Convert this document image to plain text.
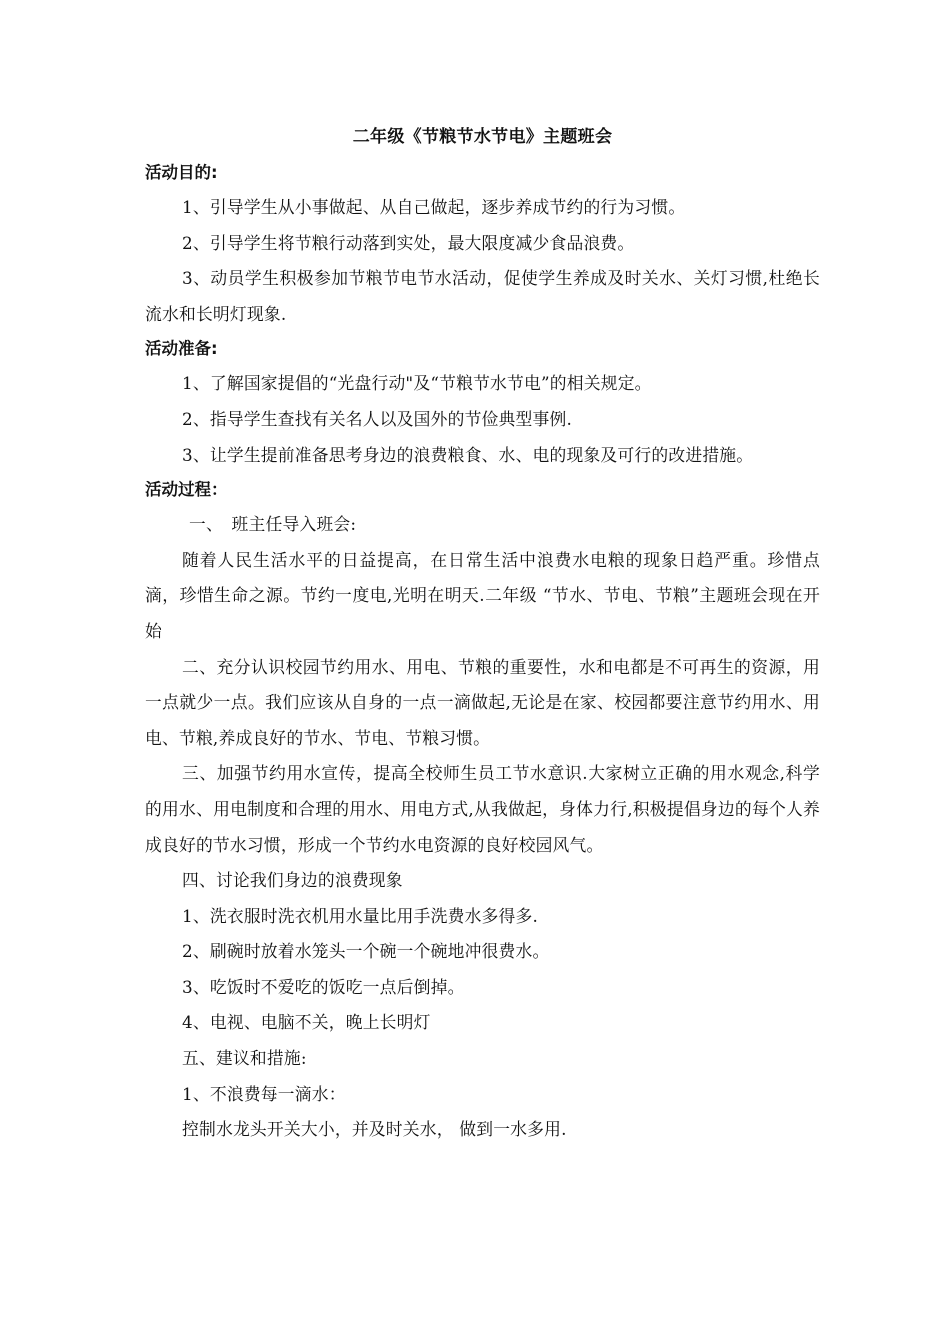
二年级《节粮节水节电》主题班会
活动目的:

1、引导学生从小事做起、从自己做起，逐步养成节约的行为习惯。

2、引导学生将节粮行动落到实处，最大限度减少食品浪费。

3、动员学生积极参加节粮节电节水活动，促使学生养成及时关水、关灯习惯,杜绝长流水和长明灯现象.

活动准备:

1、了解国家提倡的“光盘行动"及“节粮节水节电”的相关规定。

2、指导学生查找有关名人以及国外的节俭典型事例.

3、让学生提前准备思考身边的浪费粮食、水、电的现象及可行的改进措施。

活动过程：

一、　班主任导入班会:

随着人民生活水平的日益提高，在日常生活中浪费水电粮的现象日趋严重。珍惜点滴，珍惜生命之源。节约一度电,光明在明天.二年级 “节水、节电、节粮”主题班会现在开始

二、充分认识校园节约用水、用电、节粮的重要性，水和电都是不可再生的资源，用一点就少一点。我们应该从自身的一点一滴做起,无论是在家、校园都要注意节约用水、用电、节粮,养成良好的节水、节电、节粮习惯。

三、加强节约用水宣传，提高全校师生员工节水意识.大家树立正确的用水观念,科学的用水、用电制度和合理的用水、用电方式,从我做起，身体力行,积极提倡身边的每个人养成良好的节水习惯，形成一个节约水电资源的良好校园风气。

四、讨论我们身边的浪费现象

1、洗衣服时洗衣机用水量比用手洗费水多得多.

2、刷碗时放着水笼头一个碗一个碗地冲很费水。

3、吃饭时不爱吃的饭吃一点后倒掉。

4、电视、电脑不关，晚上长明灯

五、建议和措施:

1、不浪费每一滴水：

控制水龙头开关大小，并及时关水， 做到一水多用.
